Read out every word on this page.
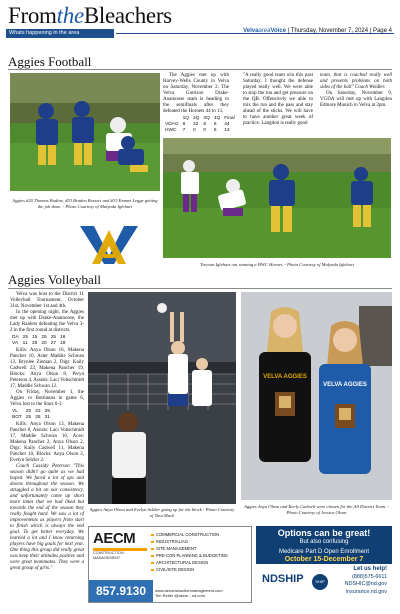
FromtheBleachers
Whats happening in the area	VelvaareaVoice | Thursday, November 7, 2024 | Page 4
Aggies Football
Aggies #20 Thomas Bodine, #53 Braden Bessert and #33 Emmet Legge getting the job done. - Photo Courtesy of Malynda Iglehart

The Aggies met up with Harvey-Wells County in Velva on Saturday, November 2. The Velva Garrison Drake-Anamoose team is heading to the semifinals after they defeated the Hornets 44 to 13.

	1Q	2Q	3Q	4Q	Final
VDAG	8	22	8	6	44
HWC	7	0	0	6	13

"A really good team win this past Saturday. I thought the defense played really well. We were able to stop the run and get pressure on the QB. Offensively we able to mix the run and the pass and stay ahead of the sticks. We will have to have another great week of practice. Langdon is really good

team, that is coached really well and presents problems on both sides of the ball" Coach Weidler.

On Saturday, November 9, VGDA will met up with Langdon Edmore Munich in Velva at 2pm.

Treyson Iglehart out running a HWC Hornet. - Photo Courtesy of Malynda Iglehart
Aggies Volleyball

Velva was host to the District 11 Volleyball Tournament, October 31st, November 1st and 4th.

In the opening night, the Aggies met up with Drake-Anamoose, the Lady Raiders defeating the Velva 3-2 in the first round at districts.

DA	25	15	25	25	16
VA	11	25	20	27	18

Kills: Anya Olson 16, Makena Pancher 10, Aster Maddie Schwan 13, Brynlee Zieman 2, Digs: Kaily Cadwell 22, Makena Pancher 19, Blocks: Anya Olson 8, Peryn Peterson 4, Assists: Laci Vohschmidt 17, Maddie Schwan 12.

On Friday, November 1, the Aggies vs Bottineau in game 6, Velva lost to the Stars 0-3.

VL	20	23	29
BOT	25	25	31

Kills: Anya Olson 13, Makena Pancher 8, Assists: Laci Vohschmidt 17, Maddie Schwan 10, Aces: Makena Pancher 2, Anya Olson 2, Digs: Kaily Cadwell 11, Makena Pancher 10, Blocks: Anya Olson 2, Evelyn Selzler 2.

Coach Cassidy Peterson "This season didn't go quite as we had hoped. We faced a lot of ups and downs throughout the season. We struggled a bit on our consistency, and unfortunately came up short more times that we had liked but towards the end of the season they really fought hard. We saw a lot of improvements as players from start to finish which is always the end goal. To get better everyday. We learned a lot and I know returning players have big goals for next year. One thing this group did really great was keep their attitudes positive and were great teammates. They were a great group of girls."

Aggies Anya Olson and Evelyn Selzler going up for the block - Photo Courtesy of Tina Mack
VELVA AGGIES
VELVA AGGIES
Aggies Anya Olson and Keely Cadwell were chosen for the All District Team. - Photo Courtesy of Jessica Olson
AECM
CONSTRUCTION MANAGEMENT
COMMERCIAL CONSTRUCTION
INDUSTRIAL/AG
SITE MANAGEMENT
PRE-CON PLANNING & BUDGETING
ARCHITECTURAL DESIGN
CIVIL/SITE DESIGN
857.9130	www.aeconstructionmanagement.com
Tim Reiter @aecm - nd.com
Options can be great!
But also confusing
Medicare Part D Open Enrollment
October 15-December 7
NDSHIP	SHIP
Let us help!
(888)575-6611
NDSHIC@nd.gov
insurance.nd.gov
